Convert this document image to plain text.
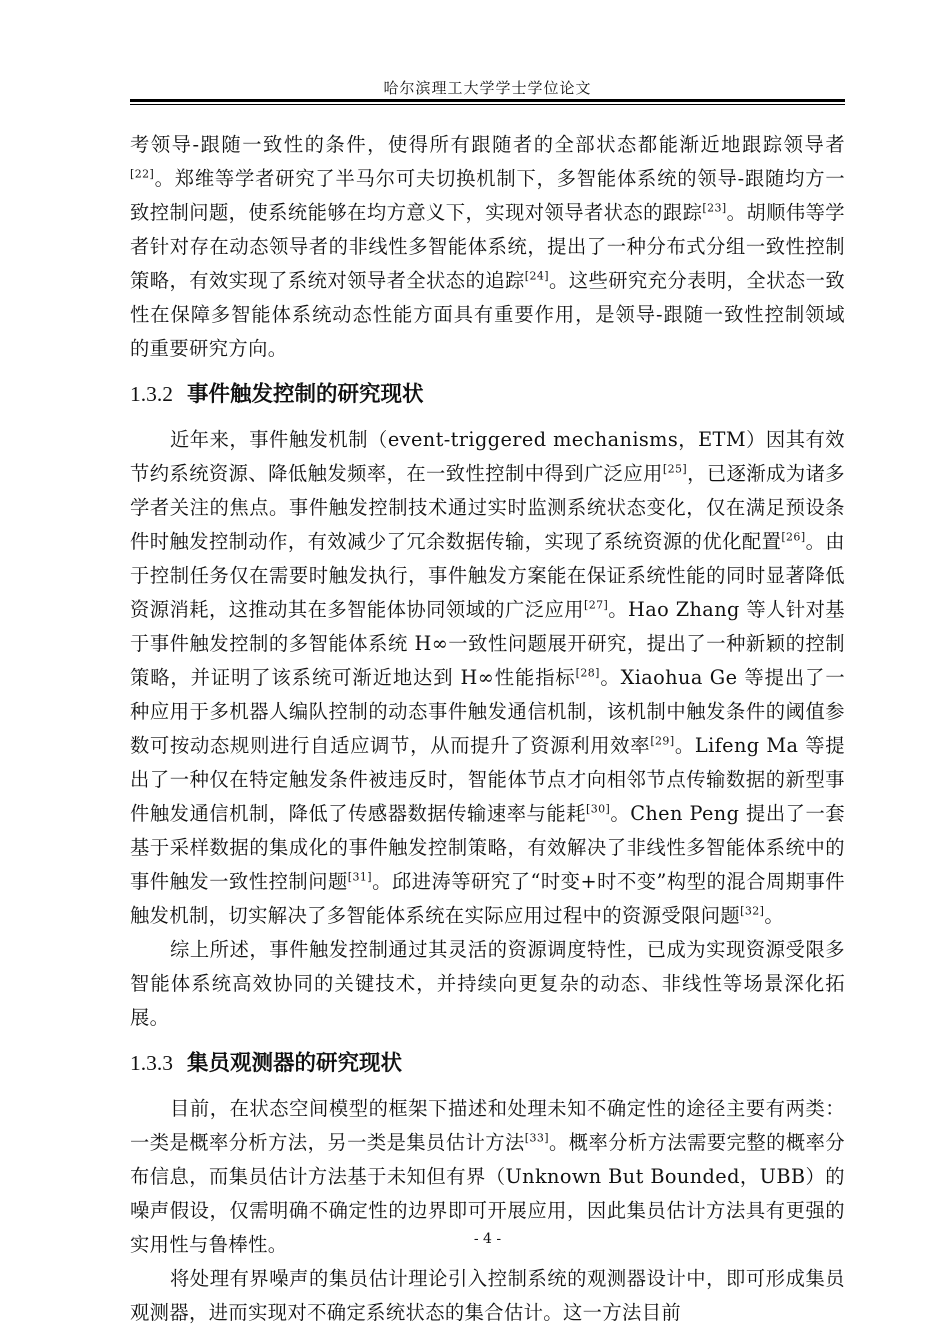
哈尔滨理工大学学士学位论文

考领导-跟随一致性的条件，使得所有跟随者的全部状态都能渐近地跟踪领导者[22]。郑维等学者研究了半马尔可夫切换机制下，多智能体系统的领导-跟随均方一致控制问题，使系统能够在均方意义下，实现对领导者状态的跟踪[23]。胡顺伟等学者针对存在动态领导者的非线性多智能体系统，提出了一种分布式分组一致性控制策略，有效实现了系统对领导者全状态的追踪[24]。这些研究充分表明，全状态一致性在保障多智能体系统动态性能方面具有重要作用，是领导-跟随一致性控制领域的重要研究方向。

1.3.2 事件触发控制的研究现状

近年来，事件触发机制（event-triggered mechanisms，ETM）因其有效节约系统资源、降低触发频率，在一致性控制中得到广泛应用[25]，已逐渐成为诸多学者关注的焦点。事件触发控制技术通过实时监测系统状态变化，仅在满足预设条件时触发控制动作，有效减少了冗余数据传输，实现了系统资源的优化配置[26]。由于控制任务仅在需要时触发执行，事件触发方案能在保证系统性能的同时显著降低资源消耗，这推动其在多智能体协同领域的广泛应用[27]。Hao Zhang 等人针对基于事件触发控制的多智能体系统 H∞一致性问题展开研究，提出了一种新颖的控制策略，并证明了该系统可渐近地达到 H∞性能指标[28]。Xiaohua Ge 等提出了一种应用于多机器人编队控制的动态事件触发通信机制，该机制中触发条件的阈值参数可按动态规则进行自适应调节，从而提升了资源利用效率[29]。Lifeng Ma 等提出了一种仅在特定触发条件被违反时，智能体节点才向相邻节点传输数据的新型事件触发通信机制，降低了传感器数据传输速率与能耗[30]。Chen Peng 提出了一套基于采样数据的集成化的事件触发控制策略，有效解决了非线性多智能体系统中的事件触发一致性控制问题[31]。邱进涛等研究了“时变+时不变”构型的混合周期事件触发机制，切实解决了多智能体系统在实际应用过程中的资源受限问题[32]。

综上所述，事件触发控制通过其灵活的资源调度特性，已成为实现资源受限多智能体系统高效协同的关键技术，并持续向更复杂的动态、非线性等场景深化拓展。

1.3.3 集员观测器的研究现状

目前，在状态空间模型的框架下描述和处理未知不确定性的途径主要有两类：一类是概率分析方法，另一类是集员估计方法[33]。概率分析方法需要完整的概率分布信息，而集员估计方法基于未知但有界（Unknown But Bounded，UBB）的噪声假设，仅需明确不确定性的边界即可开展应用，因此集员估计方法具有更强的实用性与鲁棒性。

将处理有界噪声的集员估计理论引入控制系统的观测器设计中，即可形成集员观测器，进而实现对不确定系统状态的集合估计。这一方法目前

- 4 -
